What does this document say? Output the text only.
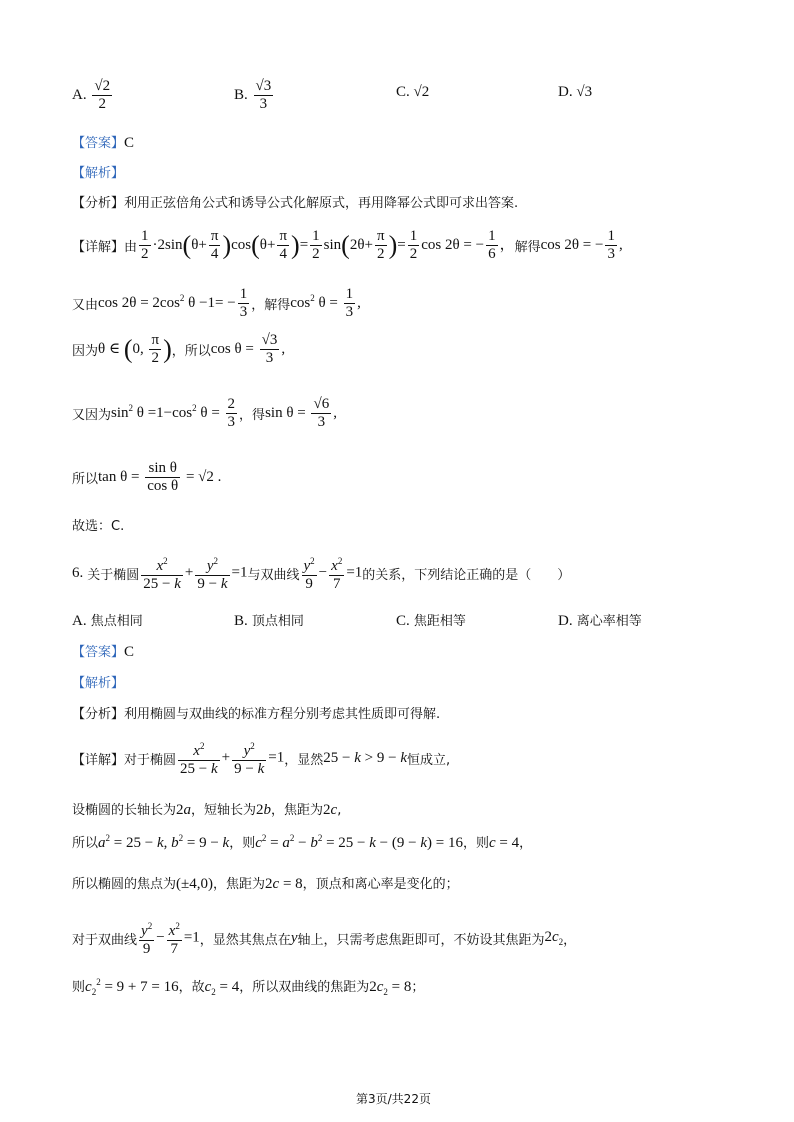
A. $\frac{√2}{2}$	B. $\frac{√3}{3}$	C. √2	D. √3
【答案】C
【解析】
【分析】利用正弦倍角公式和诱导公式化解原式，再用降幂公式即可求出答案.
【详解】 由 $\frac{1}{2} \cdot 2\sin(\theta+ \frac{\pi}{4} )\cos(\theta+ \frac{\pi}{4}$ )= $\frac{1}{2} \sin(2\theta+ \frac{\pi}{2}$ )= $\frac{1}{2}$ cos 2θ = − $\frac{1}{6}$ ， 解得 cos 2θ = − $\frac{1}{3}$ ,
又由 $\cos 2\theta = 2\cos^2$ $\theta -1= - \frac{1}{3}$ ，解得 $\cos^2 \theta = \frac{1}{3}$ ,
因为 θ ∈ (0, $\frac{\pi}{2}$ ) ，所以 $\cos \theta = \frac{√3}{3}$ ,
又因为 $\sin^2 \theta =1-\cos^2$ $\theta = \frac{2}{3}$ ，得 $\sin \theta = \frac{√6}{3}$ ,
所以 $\tan \theta = \frac{\text{sin θ}}{\text{cos θ}} = √2$ .
故选：C.
6. 关于椭圆 $\frac{x^2}{25 - k} + \frac{y^2}{9 - k} =1$ 与双曲线 $\frac{y^2}{9} - \frac{x^2}{7} =1$ 的关系，下列结论正确的是（　　）
A. 焦点相同	B. 顶点相同	C. 焦距相等	D. 离心率相等
【答案】C
【解析】
【分析】利用椭圆与双曲线的标准方程分别考虑其性质即可得解.
【详解】 对于椭圆 $\frac{x^2}{25 - k} + \frac{y^2}{9 - k} =1$ ，显然 25 − k > 9 − k 恒成立,
设椭圆的长轴长为2a，短轴长为2b，焦距为2c,
所以$a^2 = 25 - k$, $b^2 = 9 - k$，则$c^2 = a^2 - b^2 = 25 - k - (9 - k) = 16$，则c = 4，
所以椭圆的焦点为(±4,0)，焦距为2c = 8，顶点和离心率是变化的；
对于双曲线 $\frac{y^2}{9} - \frac{x^2}{7} =1$ ，显然其焦点在 y 轴上，只需考虑焦距即可，不妨设其焦距为 $2c_2$ ，
则$c_2^2 = 9 + 7 = 16$，故$c_2 = 4$，所以双曲线的焦距为$2c_2 = 8$；
第3页/共22页
